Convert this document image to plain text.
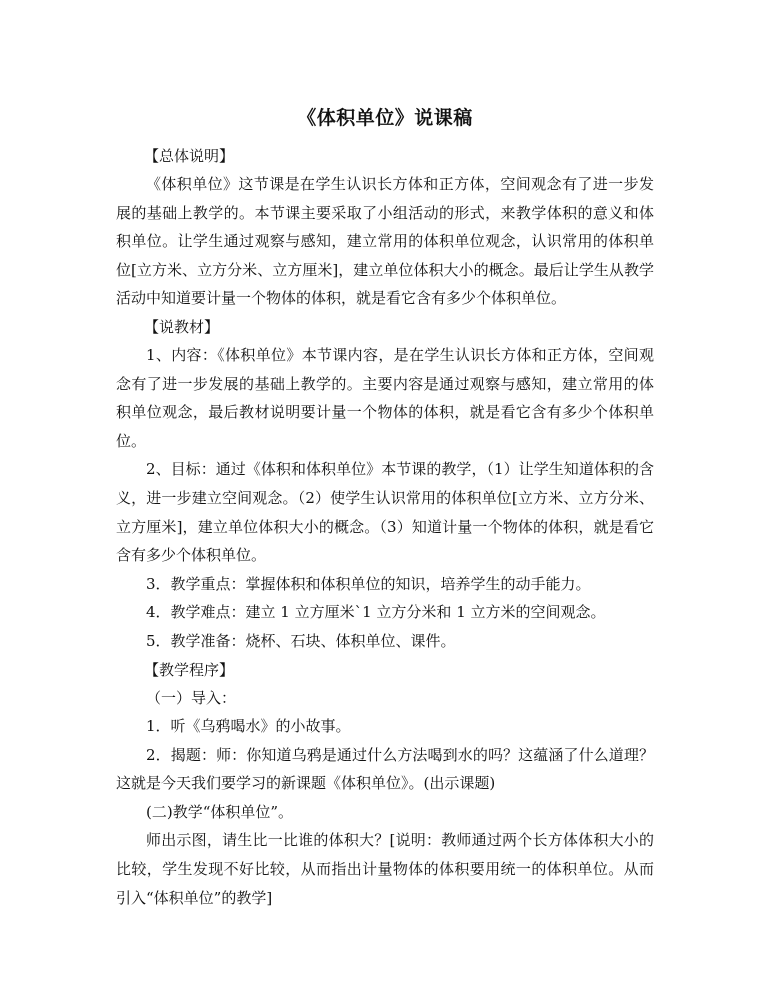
《体积单位》说课稿

【总体说明】

《体积单位》这节课是在学生认识长方体和正方体，空间观念有了进一步发展的基础上教学的。本节课主要采取了小组活动的形式，来教学体积的意义和体积单位。让学生通过观察与感知，建立常用的体积单位观念，认识常用的体积单位[立方米、立方分米、立方厘米]，建立单位体积大小的概念。最后让学生从教学活动中知道要计量一个物体的体积，就是看它含有多少个体积单位。

【说教材】

1、内容：《体积单位》本节课内容，是在学生认识长方体和正方体，空间观念有了进一步发展的基础上教学的。主要内容是通过观察与感知，建立常用的体积单位观念，最后教材说明要计量一个物体的体积，就是看它含有多少个体积单位。

2、目标：通过《体积和体积单位》本节课的教学，（1）让学生知道体积的含义，进一步建立空间观念。（2）使学生认识常用的体积单位[立方米、立方分米、立方厘米]，建立单位体积大小的概念。（3）知道计量一个物体的体积，就是看它含有多少个体积单位。

3．教学重点：掌握体积和体积单位的知识，培养学生的动手能力。

4．教学难点：建立 1 立方厘米`1 立方分米和 1 立方米的空间观念。

5．教学准备：烧杯、石块、体积单位、课件。

【教学程序】

（一）导入：

1．听《乌鸦喝水》的小故事。

2．揭题：师：你知道乌鸦是通过什么方法喝到水的吗？这蕴涵了什么道理？这就是今天我们要学习的新课题《体积单位》。(出示课题)

(二)教学“体积单位”。

师出示图，请生比一比谁的体积大？[说明：教师通过两个长方体体积大小的比较，学生发现不好比较，从而指出计量物体的体积要用统一的体积单位。从而引入“体积单位”的教学]
